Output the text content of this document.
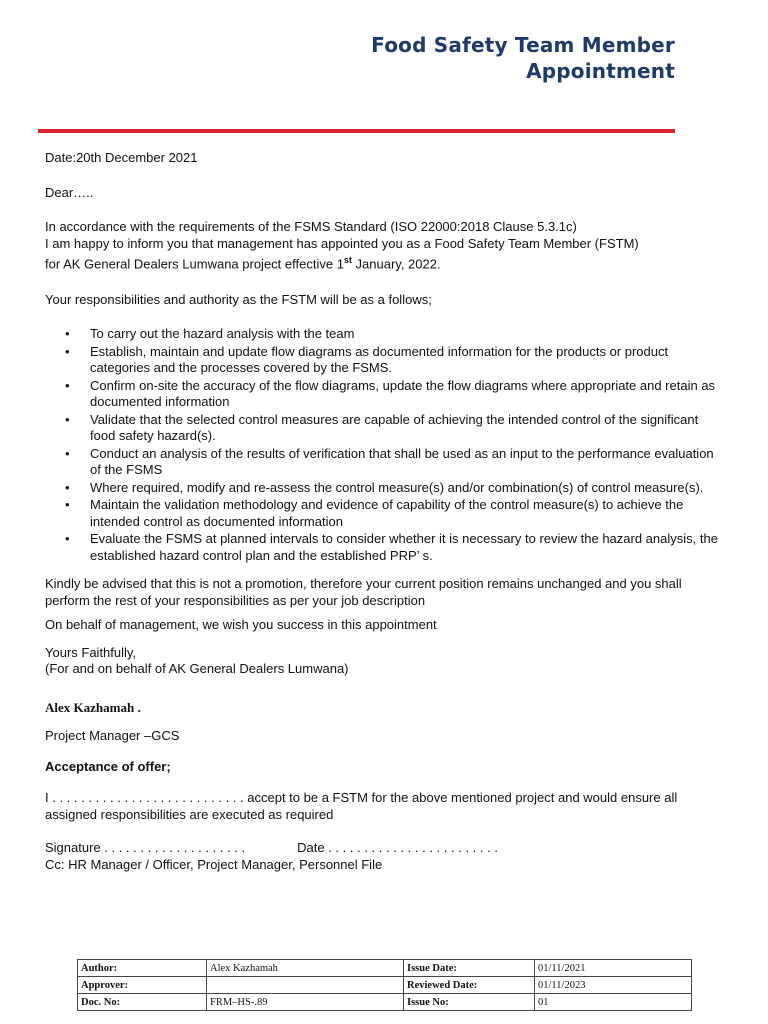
Food Safety Team Member
Appointment

Date:20th December 2021

Dear…..

In accordance with the requirements of the FSMS Standard (ISO 22000:2018 Clause 5.3.1c)

I am happy to inform you that management has appointed you as a Food Safety Team Member (FSTM)

for AK General Dealers Lumwana project effective 1st January, 2022.

Your responsibilities and authority as the FSTM will be as a follows;

• To carry out the hazard analysis with the team
• Establish, maintain and update flow diagrams as documented information for the products or product categories and the processes covered by the FSMS.
• Confirm on-site the accuracy of the flow diagrams, update the flow diagrams where appropriate and retain as documented information
• Validate that the selected control measures are capable of achieving the intended control of the significant food safety hazard(s).
• Conduct an analysis of the results of verification that shall be used as an input to the performance evaluation of the FSMS
• Where required, modify and re-assess the control measure(s) and/or combination(s) of control measure(s).
• Maintain the validation methodology and evidence of capability of the control measure(s) to achieve the intended control as documented information
• Evaluate the FSMS at planned intervals to consider whether it is necessary to review the hazard analysis, the established hazard control plan and the established PRP’ s.

Kindly be advised that this is not a promotion, therefore your current position remains unchanged and you shall perform the rest of your responsibilities as per your job description

On behalf of management, we wish you success in this appointment

Yours Faithfully,

(For and on behalf of AK General Dealers Lumwana)

Alex Kazhamah .

Project Manager –GCS

Acceptance of offer;

I . . . . . . . . . . . . . . . . . . . . . . . . . . . accept to be a FSTM for the above mentioned project and would ensure all

assigned responsibilities are executed as required

Signature . . . . . . . . . . . . . . . . . . . .	Date . . . . . . . . . . . . . . . . . . . . . . . .

Cc: HR Manager / Officer, Project Manager, Personnel File

Author:	Alex Kazhamah	Issue Date:	01/11/2021
Approver:		Reviewed Date:	01/11/2023
Doc. No:	FRM–HS-.89	Issue No:	01
